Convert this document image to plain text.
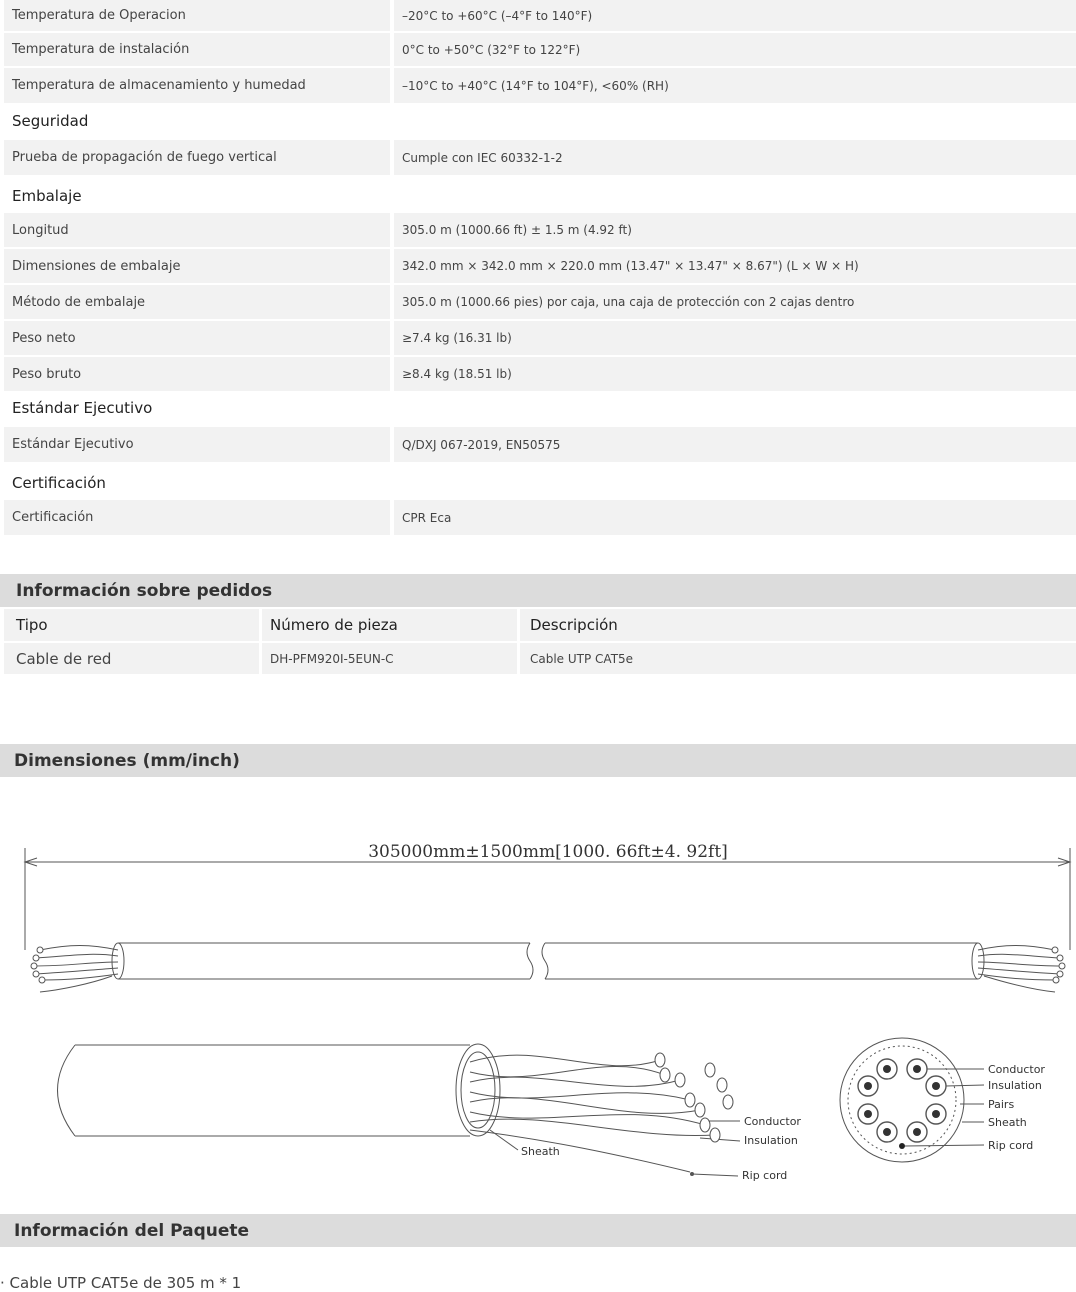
Temperatura de Operacion	–20°C to +60°C (–4°F to 140°F)
Temperatura de instalación	0°C to +50°C (32°F to 122°F)
Temperatura de almacenamiento y humedad	–10°C to +40°C (14°F to 104°F), <60% (RH)
Seguridad
Prueba de propagación de fuego vertical	Cumple con IEC 60332-1-2
Embalaje
Longitud	305.0 m (1000.66 ft) ± 1.5 m (4.92 ft)
Dimensiones de embalaje	342.0 mm × 342.0 mm × 220.0 mm (13.47" × 13.47" × 8.67") (L × W × H)
Método de embalaje	305.0 m (1000.66 pies) por caja, una caja de protección con 2 cajas dentro
Peso neto	≥7.4 kg (16.31 lb)
Peso bruto	≥8.4 kg (18.51 lb)
Estándar Ejecutivo
Estándar Ejecutivo	Q/DXJ 067-2019, EN50575
Certificación
Certificación	CPR Eca
Información sobre pedidos
Tipo	Número de pieza	Descripción
Cable de red	DH-PFM920I-5EUN-C	Cable UTP CAT5e
Dimensiones (mm/inch)
305000mm±1500mm[1000. 66ft±4. 92ft]
Conductor
Insulation
Sheath
Rip cord
Conductor
Insulation
Pairs
Sheath
Rip cord
Información del Paquete
· Cable UTP CAT5e de 305 m * 1
